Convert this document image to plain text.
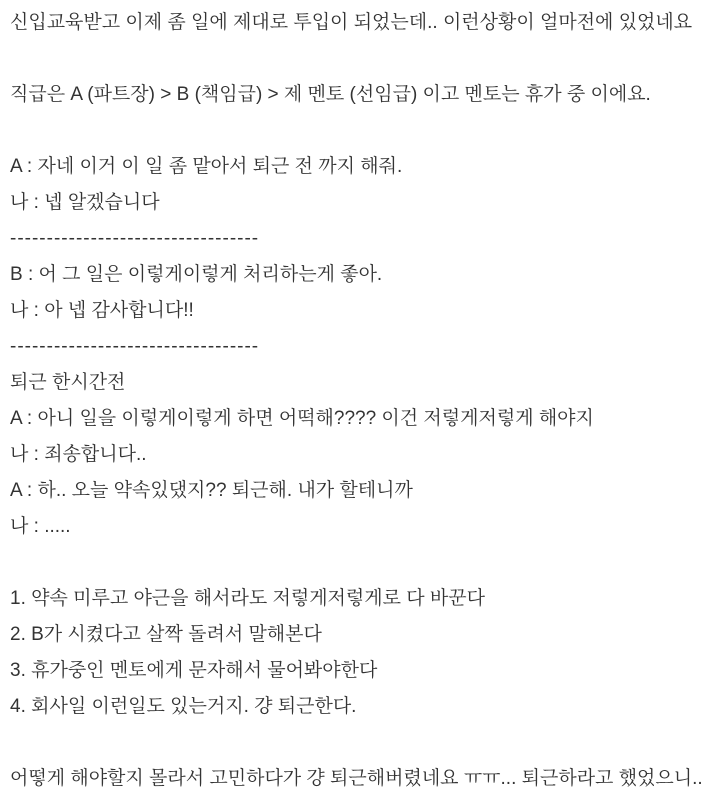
신입교육받고 이제 좀 일에 제대로 투입이 되었는데.. 이런상황이 얼마전에 있었네요
직급은 A (파트장) > B (책임급) > 제 멘토 (선임급) 이고 멘토는 휴가 중 이에요.
A : 자네 이거 이 일 좀 맡아서 퇴근 전 까지 해줘.
나 : 넵 알겠습니다
----------------------------------
B : 어 그 일은 이렇게이렇게 처리하는게 좋아.
나 : 아 넵 감사합니다!!
----------------------------------
퇴근 한시간전
A : 아니 일을 이렇게이렇게 하면 어떡해???? 이건 저렇게저렇게 해야지
나 : 죄송합니다..
A : 하.. 오늘 약속있댔지?? 퇴근해. 내가 할테니까
나 : .....
1. 약속 미루고 야근을 해서라도 저렇게저렇게로 다 바꾼다
2. B가 시켰다고 살짝 돌려서 말해본다
3. 휴가중인 멘토에게 문자해서 물어봐야한다
4. 회사일 이런일도 있는거지. 걍 퇴근한다.
어떻게 해야할지 몰라서 고민하다가 걍 퇴근해버렸네요 ㅠㅠ... 퇴근하라고 했었으니..
